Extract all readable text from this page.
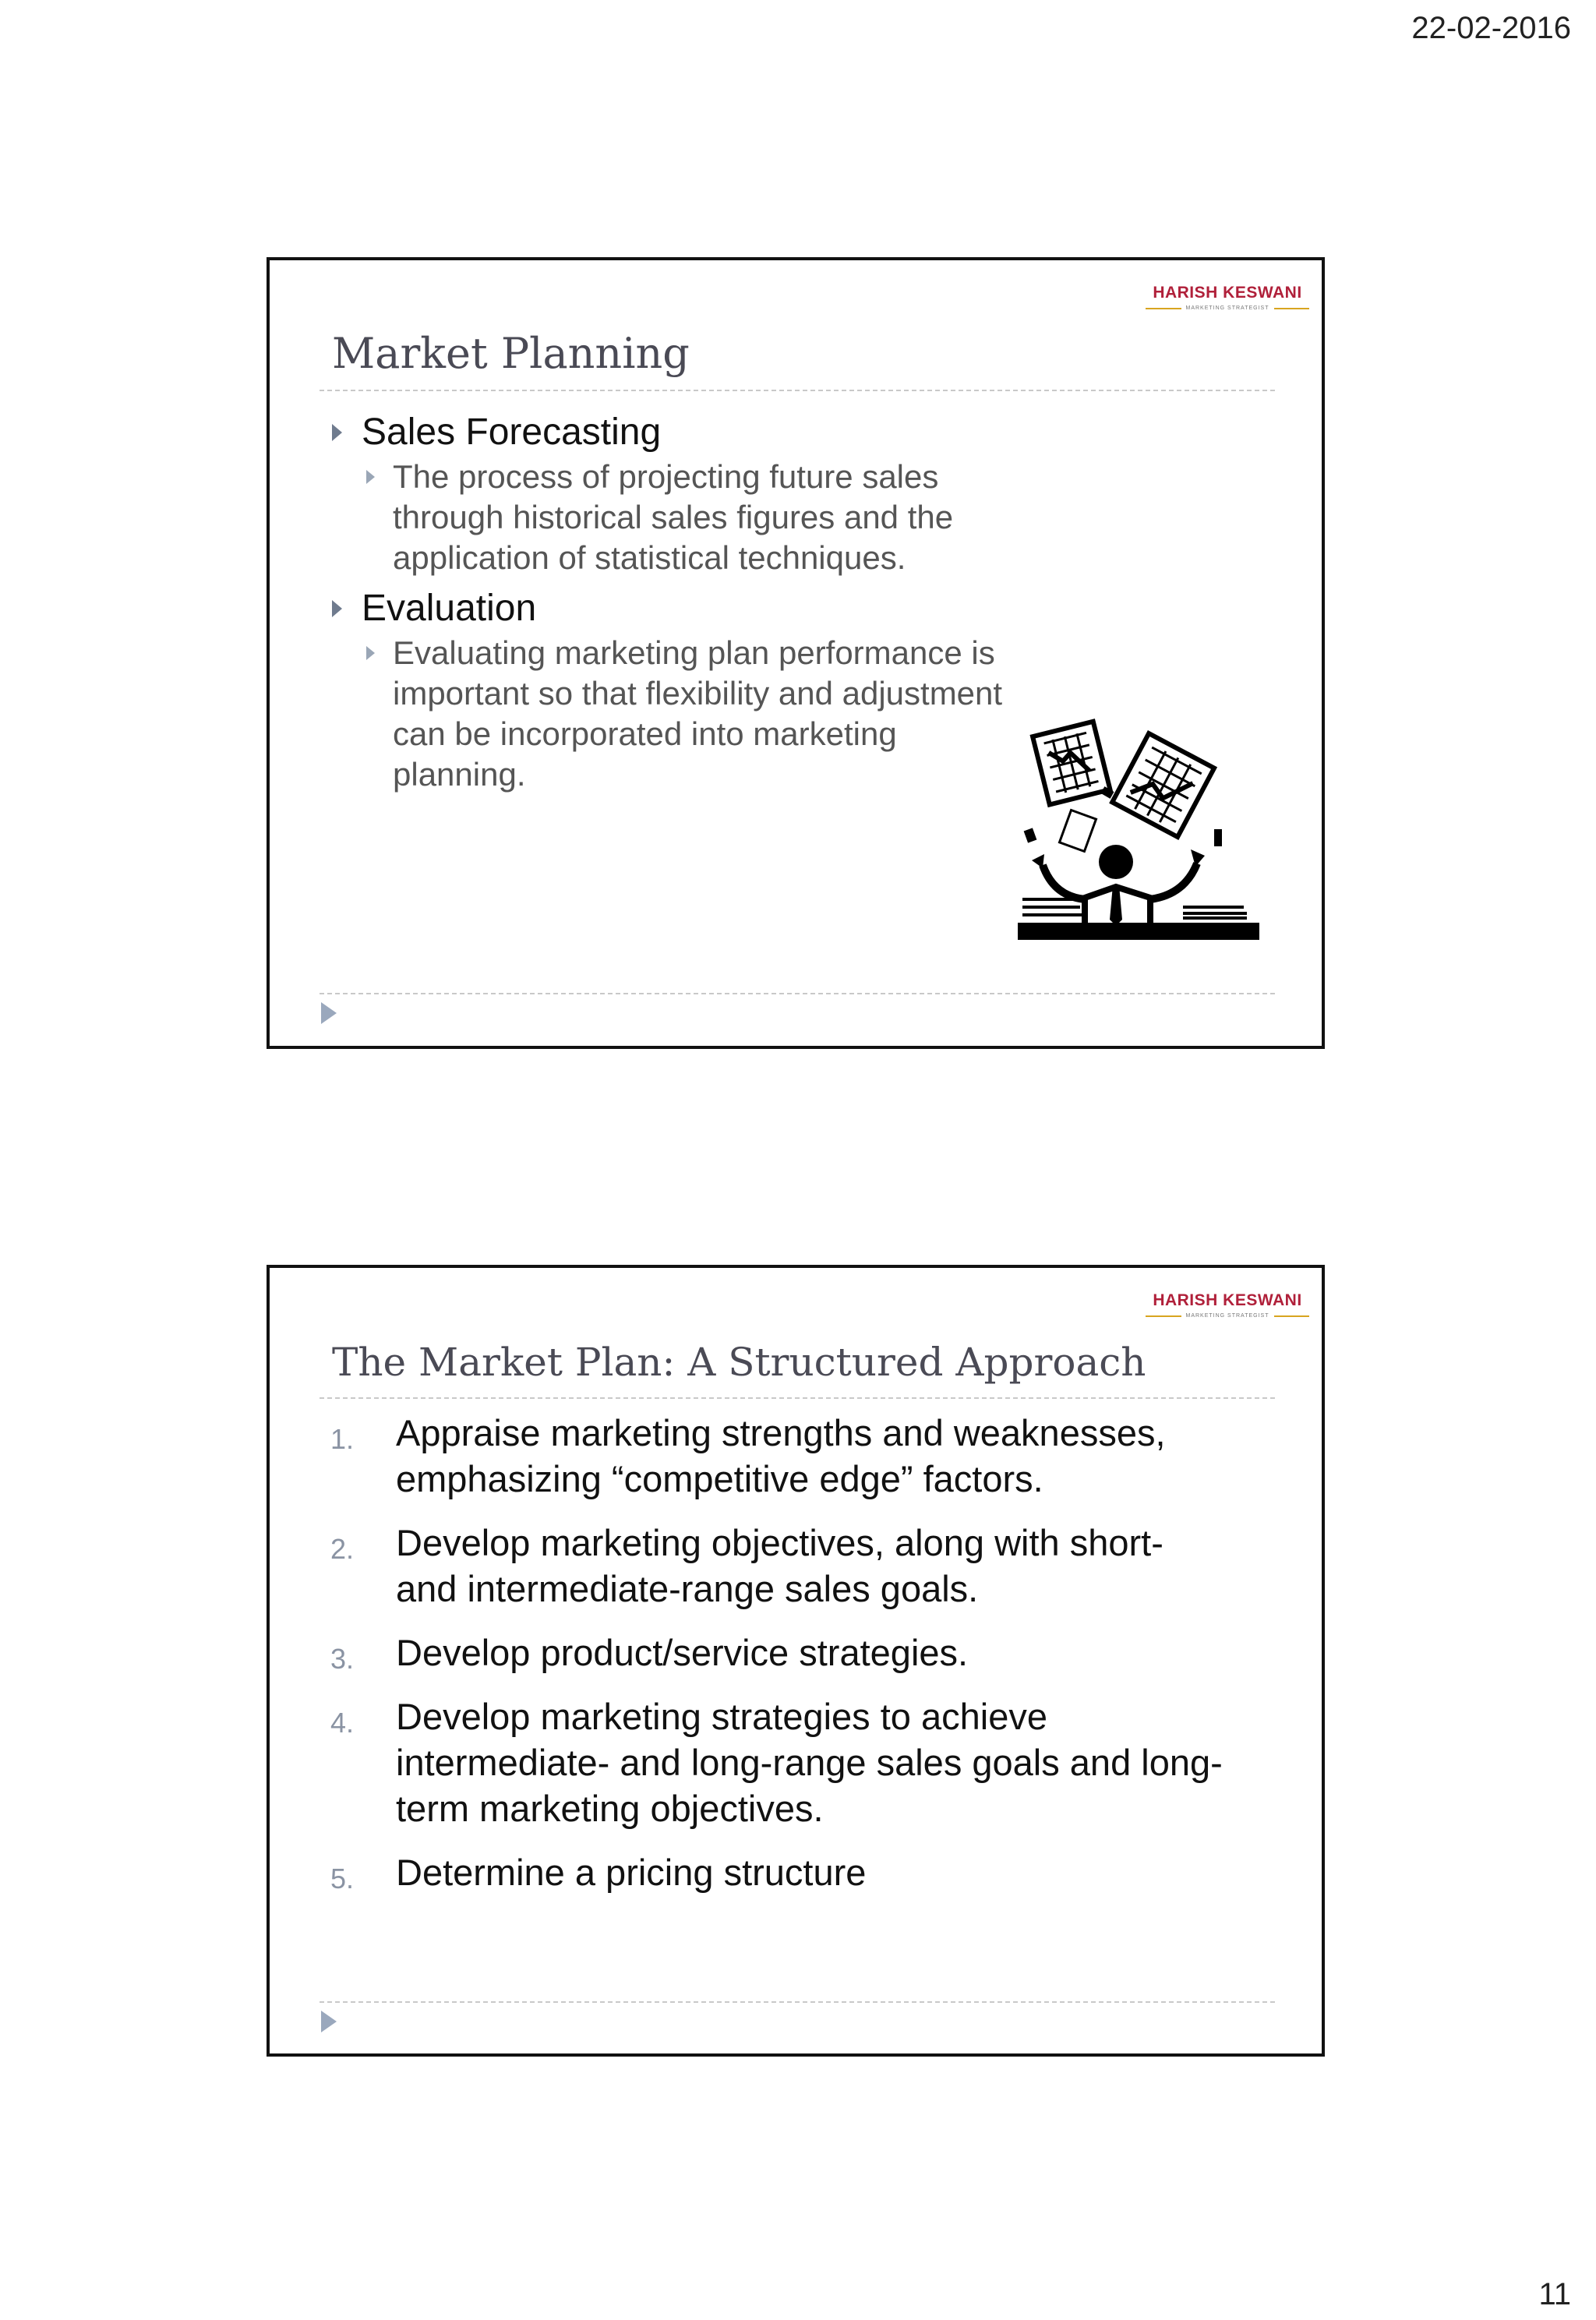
22-02-2016
HARISH KESWANI
MARKETING STRATEGIST
Market Planning
Sales Forecasting
The process of projecting future sales through historical sales figures and the application of statistical techniques.
Evaluation
Evaluating marketing plan performance is important so that flexibility and adjustment can be incorporated into marketing planning.
HARISH KESWANI
MARKETING STRATEGIST
The Market Plan: A Structured Approach
1. Appraise marketing strengths and weaknesses,
emphasizing “competitive edge” factors.
2. Develop marketing objectives, along with short-
and intermediate-range sales goals.
3. Develop product/service strategies.
4. Develop marketing strategies to achieve
intermediate- and long-range sales goals and long-
term marketing objectives.
5. Determine a pricing structure
11
